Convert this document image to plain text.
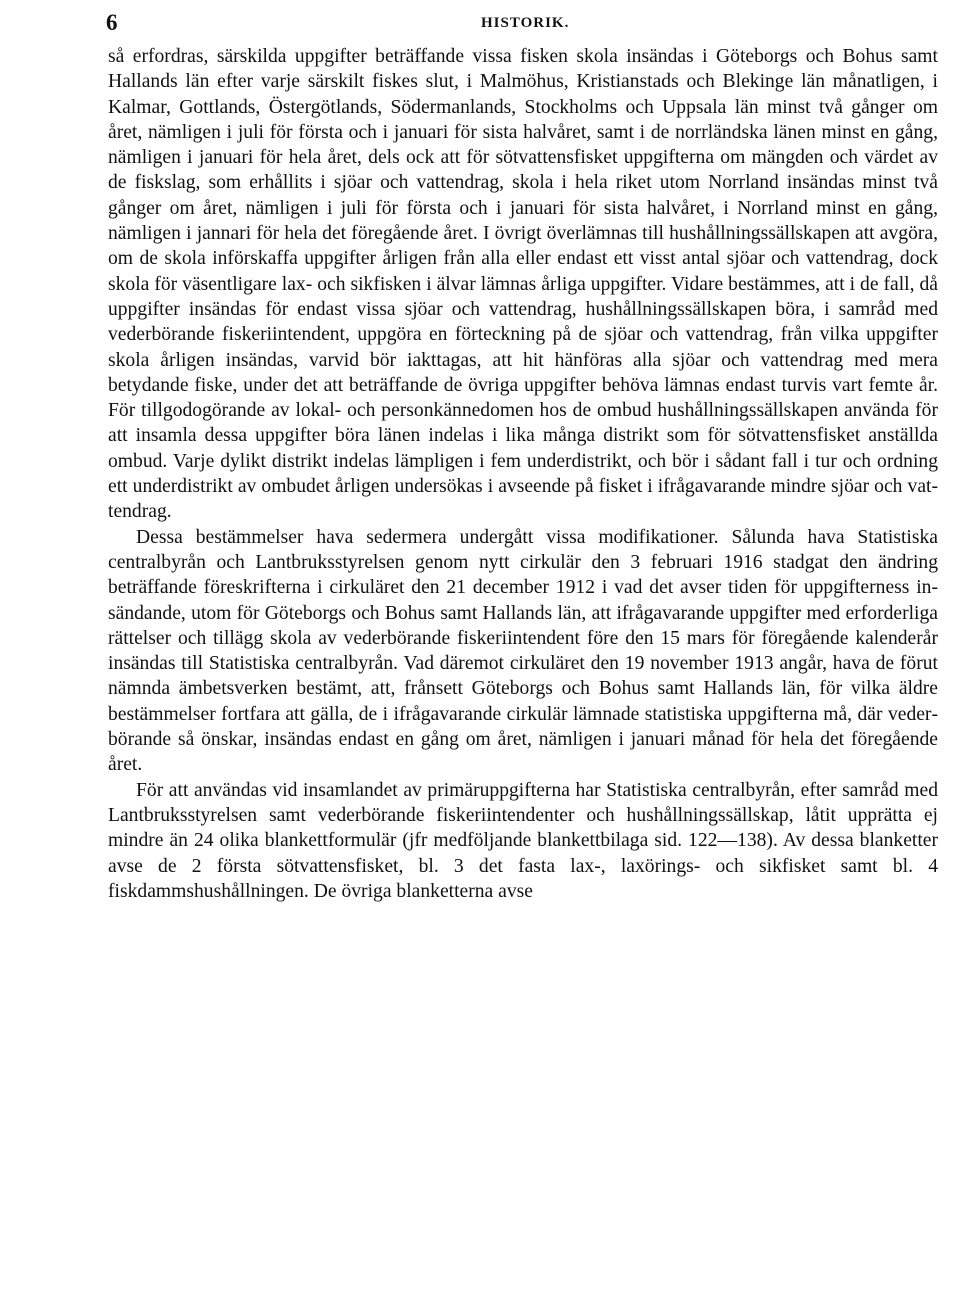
6	HISTORIK.

så erfordras, särskilda uppgifter beträffande vissa fisken skola insändas i Göteborgs och Bohus samt Hallands län efter varje särskilt fiskes slut, i Malmöhus, Kristianstads och Blekinge län månatligen, i Kalmar, Gottlands, Östergötlands, Södermanlands, Stockholms och Uppsala län minst två gånger om året, nämligen i juli för första och i januari för sista halvåret, samt i de norrländska länen minst en gång, nämligen i januari för hela året, dels ock att för sötvattensfisket uppgifterna om mängden och värdet av de fiskslag, som erhållits i sjöar och vattendrag, skola i hela riket utom Norrland insändas minst två gånger om året, nämligen i juli för första och i januari för sista halvåret, i Norrland minst en gång, nämligen i jannari för hela det föregående året. I övrigt överlämnas till hushållningssällskapen att avgöra, om de skola införskaffa uppgifter årligen från alla eller endast ett visst antal sjöar och vattendrag, dock skola för väsentligare lax- och sikfisken i älvar lämnas årliga uppgifter. Vidare bestämmes, att i de fall, då uppgifter insändas för endast vissa sjöar och vattendrag, hushållningssällskapen böra, i samråd med vederbörande fiskeriintendent, uppgöra en förteckning på de sjöar och vattendrag, från vilka uppgifter skola årligen insändas, varvid bör iakttagas, att hit hänföras alla sjöar och vattendrag med mera betydande fiske, under det att beträffande de övriga uppgifter behöva lämnas endast turvis vart femte år. För tillgodogörande av lokal- och personkännedomen hos de ombud hushållningssällskapen använda för att insamla dessa uppgifter böra länen indelas i lika många distrikt som för sötvattensfisket anställda ombud. Varje dylikt distrikt indelas lämpligen i fem underdistrikt, och bör i sådant fall i tur och ordning ett underdistrikt av ombudet årligen undersökas i avseende på fisket i ifrågavarande mindre sjöar och vattendrag.

Dessa bestämmelser hava sedermera undergått vissa modifikationer. Sålunda hava Statistiska centralbyrån och Lantbruksstyrelsen genom nytt cirkulär den 3 februari 1916 stadgat den ändring beträffande föreskrifterna i cirkuläret den 21 december 1912 i vad det avser tiden för uppgifterness insändande, utom för Göteborgs och Bohus samt Hallands län, att ifrågavarande uppgifter med erforderliga rättelser och tillägg skola av vederbörande fiskeriintendent före den 15 mars för föregående kalenderår insändas till Statistiska centralbyrån. Vad däremot cirkuläret den 19 november 1913 angår, hava de förut nämnda ämbetsverken bestämt, att, frånsett Göteborgs och Bohus samt Hallands län, för vilka äldre bestämmelser fortfara att gälla, de i ifrågavarande cirkulär lämnade statistiska uppgifterna må, där vederbörande så önskar, insändas endast en gång om året, nämligen i januari månad för hela det föregående året.

För att användas vid insamlandet av primäruppgifterna har Statistiska centralbyrån, efter samråd med Lantbruksstyrelsen samt vederbörande fiskeriintendenter och hushållningssällskap, låtit upprätta ej mindre än 24 olika blankettformulär (jfr medföljande blankettbilaga sid. 122—138). Av dessa blanketter avse de 2 första sötvattensfisket, bl. 3 det fasta lax-, laxörings- och sikfisket samt bl. 4 fiskdammshushållningen. De övriga blanketterna avse
